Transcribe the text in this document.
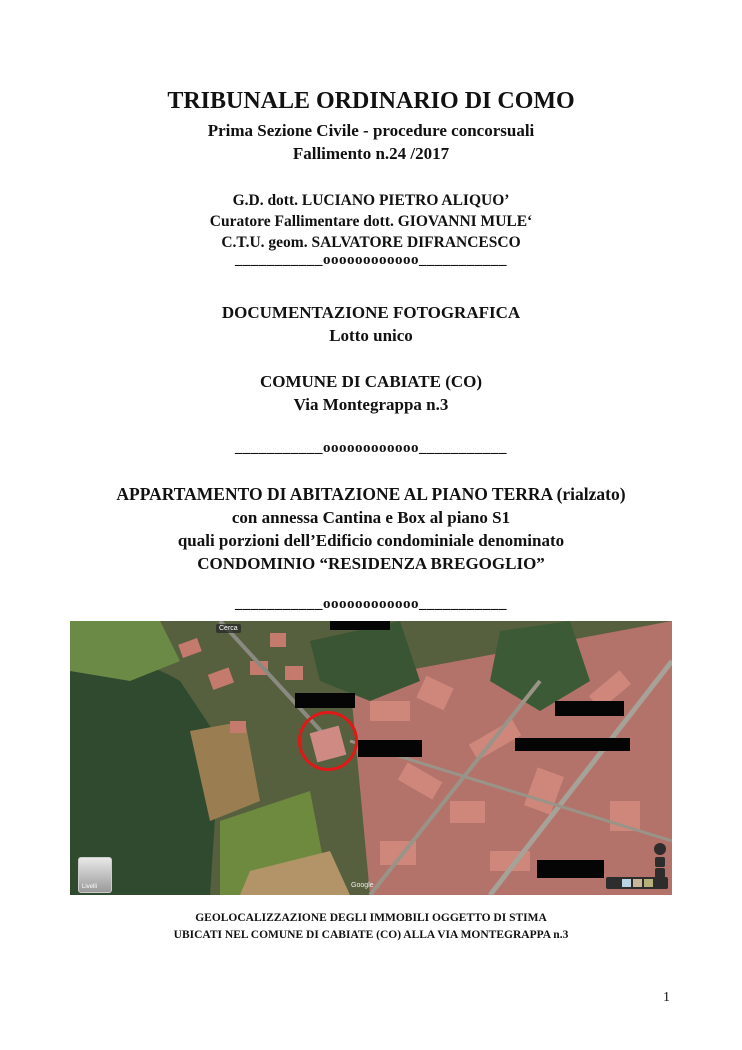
TRIBUNALE ORDINARIO DI COMO
Prima Sezione Civile - procedure concorsuali
Fallimento n.24 /2017
G.D. dott. LUCIANO PIETRO ALIQUO’
Curatore Fallimentare dott. GIOVANNI MULE‘
C.T.U. geom. SALVATORE DIFRANCESCO
___________oooooooooooo___________
DOCUMENTAZIONE FOTOGRAFICA
Lotto unico
COMUNE DI CABIATE (CO)
Via Montegrappa n.3
___________oooooooooooo___________
APPARTAMENTO DI ABITAZIONE AL PIANO TERRA (rialzato)
con annessa Cantina e Box al piano S1
quali porzioni dell’Edificio condominiale denominato
CONDOMINIO “RESIDENZA BREGOGLIO”
___________oooooooooooo___________
Cerca
Livelli	Google
GEOLOCALIZZAZIONE DEGLI IMMOBILI OGGETTO DI STIMA
UBICATI NEL COMUNE DI CABIATE (CO) ALLA VIA MONTEGRAPPA n.3
1
